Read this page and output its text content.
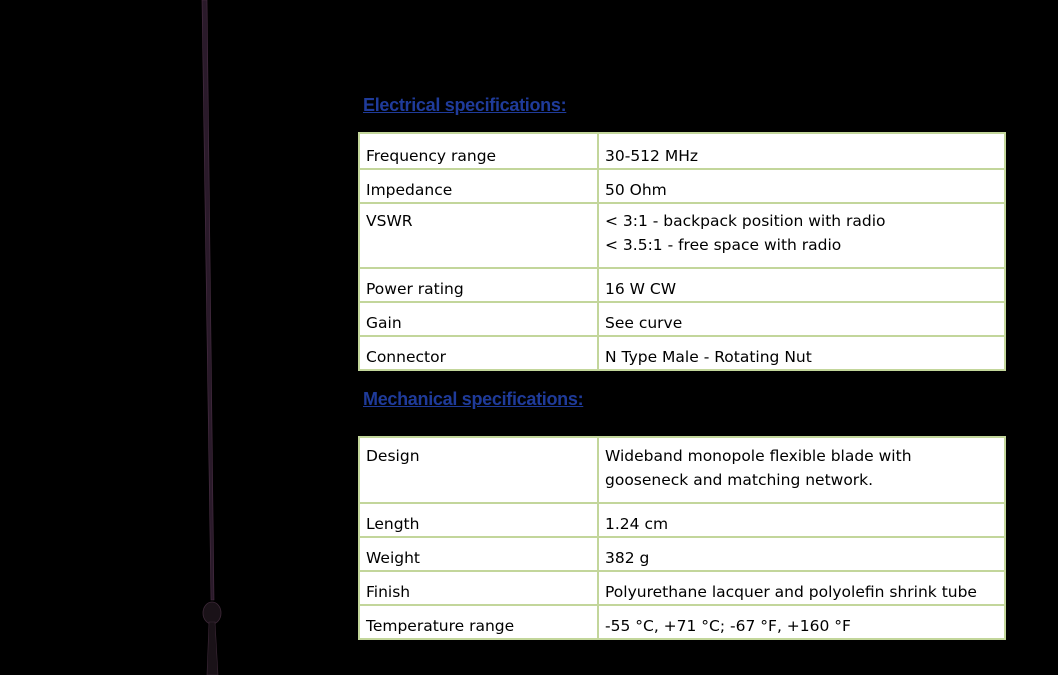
Electrical specifications:
Frequency range	30-512 MHz

Impedance	50 Ohm

VSWR	< 3:1 - backpack position with radio
< 3.5:1 - free space with radio

Power rating	16 W CW

Gain	See curve

Connector	N Type Male - Rotating Nut
Mechanical specifications:
Design	Wideband monopole flexible blade with
gooseneck and matching network.

Length	1.24 cm

Weight	382 g

Finish	Polyurethane lacquer and polyolefin shrink tube

Temperature range	-55 °C, +71 °C; -67 °F, +160 °F
